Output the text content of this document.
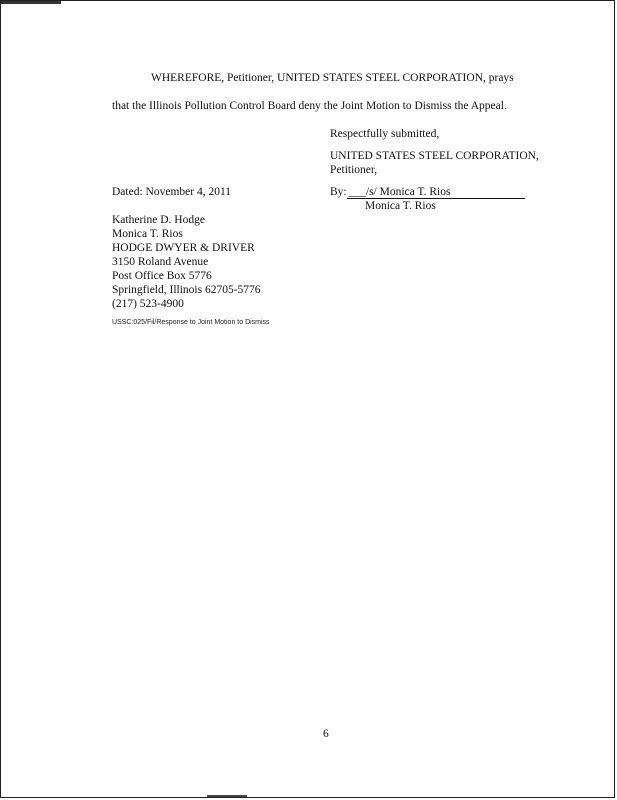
WHEREFORE, Petitioner, UNITED STATES STEEL CORPORATION, prays
that the Illinois Pollution Control Board deny the Joint Motion to Dismiss the Appeal.
Respectfully submitted,
UNITED STATES STEEL CORPORATION,
Petitioner,
Dated: November 4, 2011	By: ___/s/ Monica T. Rios
Monica T. Rios
Katherine D. Hodge
Monica T. Rios
HODGE DWYER & DRIVER
3150 Roland Avenue
Post Office Box 5776
Springfield, Illinois 62705-5776
(217) 523-4900
USSC:025/Fil/Response to Joint Motion to Dismiss
6
